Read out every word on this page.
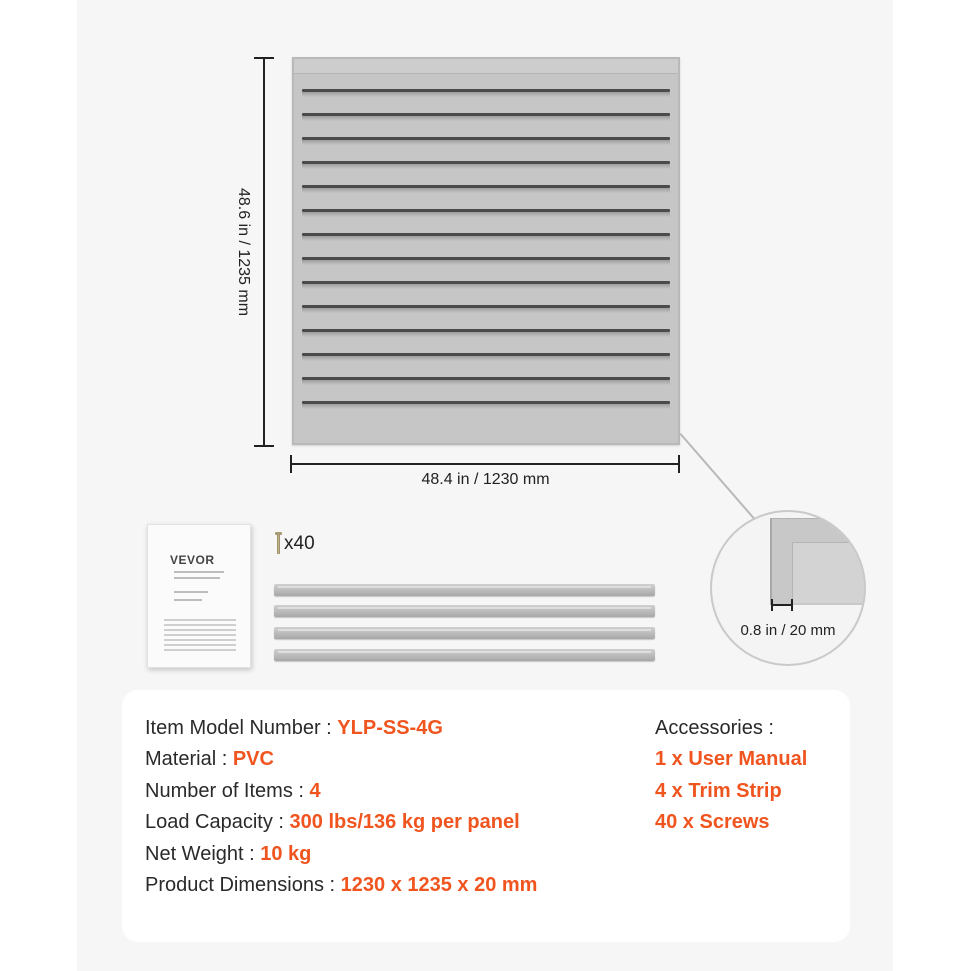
48.6 in / 1235 mm
48.4 in / 1230 mm
0.8 in / 20 mm
VEVOR
x40
Item Model Number : YLP-SS-4G
Material : PVC
Number of Items : 4
Load Capacity : 300 lbs/136 kg per panel
Net Weight : 10 kg
Product Dimensions : 1230 x 1235 x 20 mm
Accessories :
1 x User Manual
4 x Trim Strip
40 x Screws
